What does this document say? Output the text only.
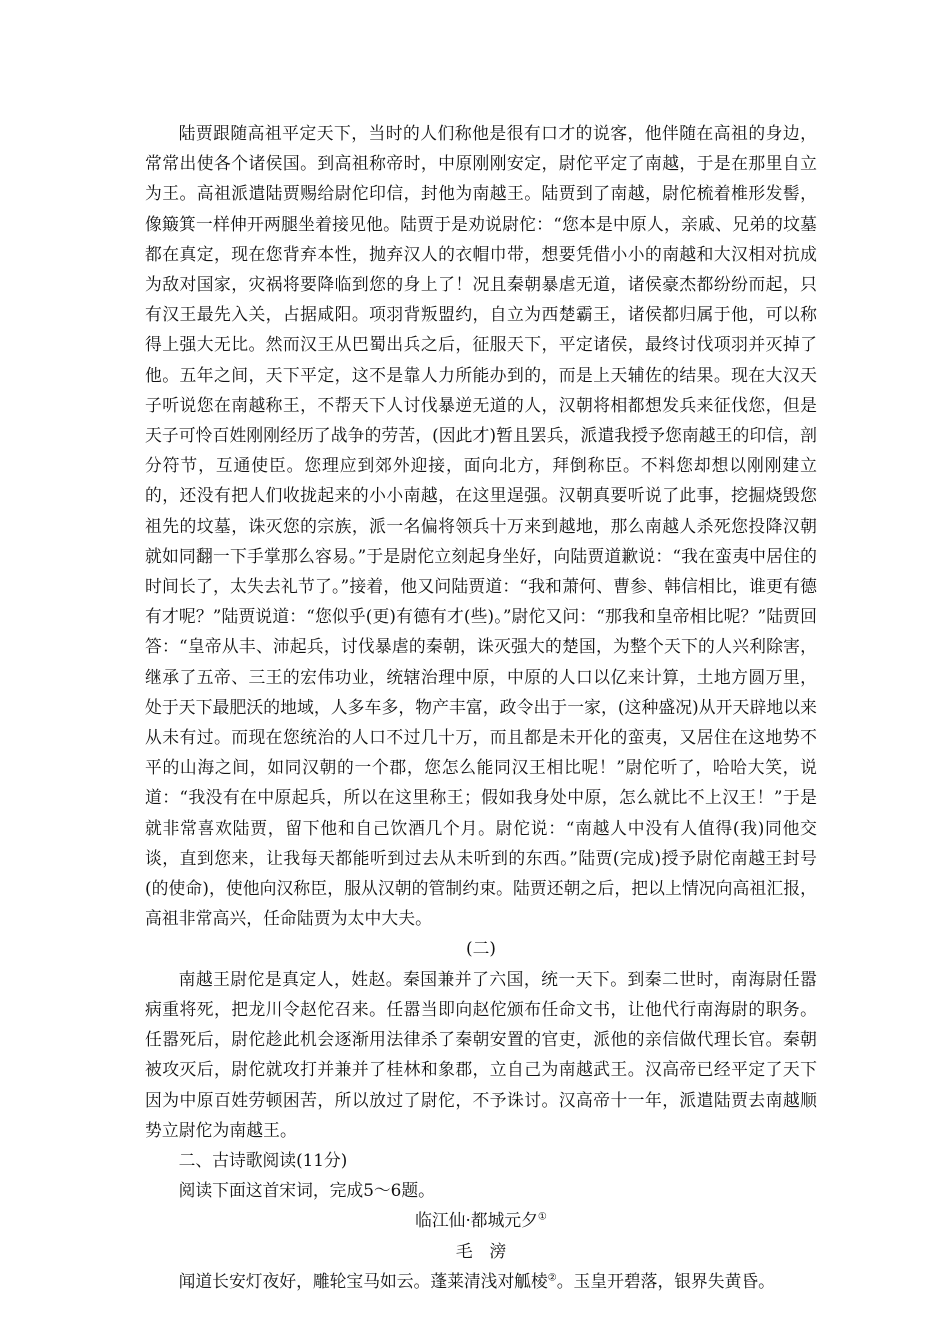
陆贾跟随高祖平定天下，当时的人们称他是很有口才的说客，他伴随在高祖的身边，常常出使各个诸侯国。到高祖称帝时，中原刚刚安定，尉佗平定了南越，于是在那里自立为王。高祖派遣陆贾赐给尉佗印信，封他为南越王。陆贾到了南越，尉佗梳着椎形发髻，像簸箕一样伸开两腿坐着接见他。陆贾于是劝说尉佗：“您本是中原人，亲戚、兄弟的坟墓都在真定，现在您背弃本性，抛弃汉人的衣帽巾带，想要凭借小小的南越和大汉相对抗成为敌对国家，灾祸将要降临到您的身上了！况且秦朝暴虐无道，诸侯豪杰都纷纷而起，只有汉王最先入关，占据咸阳。项羽背叛盟约，自立为西楚霸王，诸侯都归属于他，可以称得上强大无比。然而汉王从巴蜀出兵之后，征服天下，平定诸侯，最终讨伐项羽并灭掉了他。五年之间，天下平定，这不是靠人力所能办到的，而是上天辅佐的结果。现在大汉天子听说您在南越称王，不帮天下人讨伐暴逆无道的人，汉朝将相都想发兵来征伐您，但是天子可怜百姓刚刚经历了战争的劳苦，(因此才)暂且罢兵，派遣我授予您南越王的印信，剖分符节，互通使臣。您理应到郊外迎接，面向北方，拜倒称臣。不料您却想以刚刚建立的，还没有把人们收拢起来的小小南越，在这里逞强。汉朝真要听说了此事，挖掘烧毁您祖先的坟墓，诛灭您的宗族，派一名偏将领兵十万来到越地，那么南越人杀死您投降汉朝就如同翻一下手掌那么容易。”于是尉佗立刻起身坐好，向陆贾道歉说：“我在蛮夷中居住的时间长了，太失去礼节了。”接着，他又问陆贾道：“我和萧何、曹参、韩信相比，谁更有德有才呢？”陆贾说道：“您似乎(更)有德有才(些)。”尉佗又问：“那我和皇帝相比呢？”陆贾回答：“皇帝从丰、沛起兵，讨伐暴虐的秦朝，诛灭强大的楚国，为整个天下的人兴利除害，继承了五帝、三王的宏伟功业，统辖治理中原，中原的人口以亿来计算，土地方圆万里，处于天下最肥沃的地域，人多车多，物产丰富，政令出于一家，(这种盛况)从开天辟地以来从未有过。而现在您统治的人口不过几十万，而且都是未开化的蛮夷，又居住在这地势不平的山海之间，如同汉朝的一个郡，您怎么能同汉王相比呢！”尉佗听了，哈哈大笑，说道：“我没有在中原起兵，所以在这里称王；假如我身处中原，怎么就比不上汉王！”于是就非常喜欢陆贾，留下他和自己饮酒几个月。尉佗说：“南越人中没有人值得(我)同他交谈，直到您来，让我每天都能听到过去从未听到的东西。”陆贾(完成)授予尉佗南越王封号(的使命)，使他向汉称臣，服从汉朝的管制约束。陆贾还朝之后，把以上情况向高祖汇报，高祖非常高兴，任命陆贾为太中大夫。

(二)

南越王尉佗是真定人，姓赵。秦国兼并了六国，统一天下。到秦二世时，南海尉任嚣病重将死，把龙川令赵佗召来。任嚣当即向赵佗颁布任命文书，让他代行南海尉的职务。任嚣死后，尉佗趁此机会逐渐用法律杀了秦朝安置的官吏，派他的亲信做代理长官。秦朝被攻灭后，尉佗就攻打并兼并了桂林和象郡，立自己为南越武王。汉高帝已经平定了天下因为中原百姓劳顿困苦，所以放过了尉佗，不予诛讨。汉高帝十一年，派遣陆贾去南越顺势立尉佗为南越王。

二、古诗歌阅读(11分)

阅读下面这首宋词，完成5～6题。

临江仙·都城元夕①

毛滂

闻道长安灯夜好，雕轮宝马如云。蓬莱清浅对觚棱②。玉皇开碧落，银界失黄昏。
